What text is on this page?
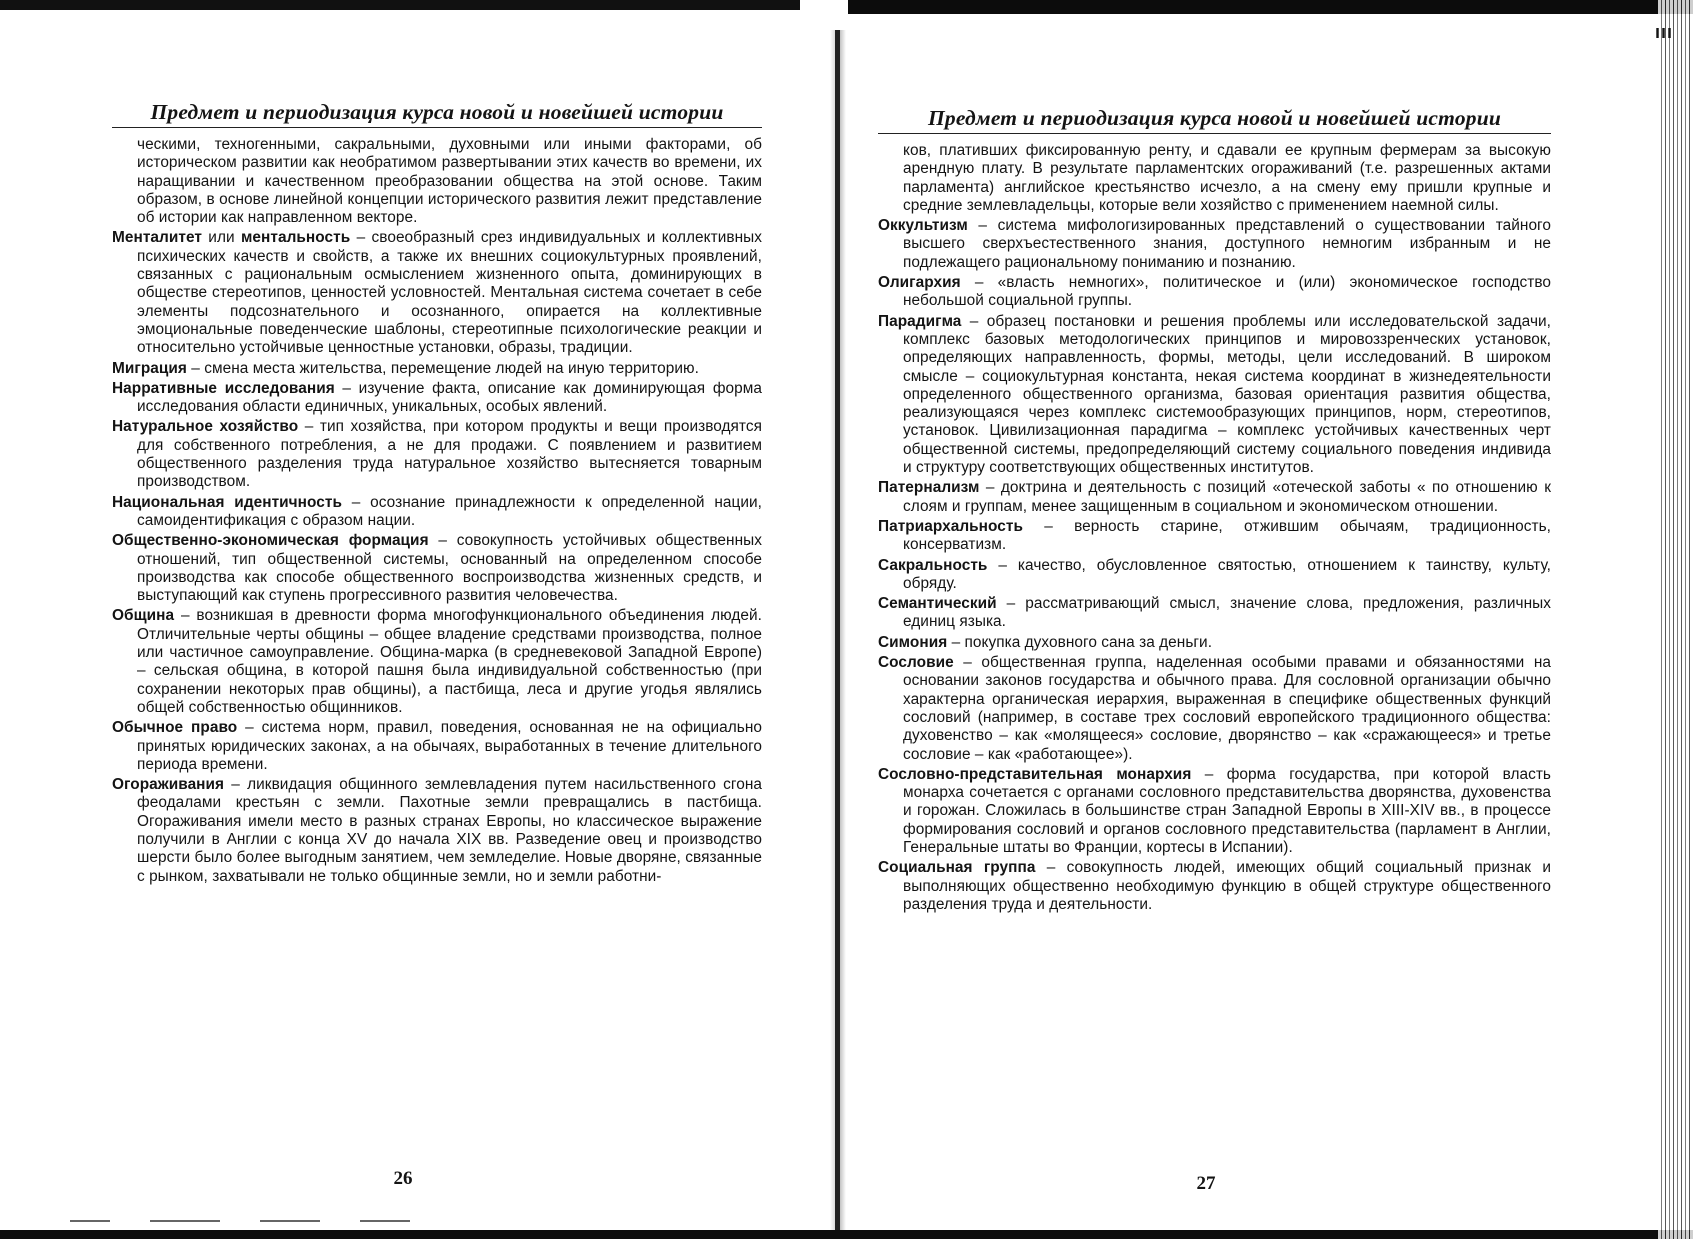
ııı
Предмет и периодизация курса новой и новейшей истории

ческими, техногенными, сакральными, духовными или иными факторами, об историческом развитии как необратимом развертывании этих качеств во времени, их наращивании и качественном преобразовании общества на этой основе. Таким образом, в основе линейной концепции исторического развития лежит представление об истории как направленном векторе.

Менталитет или ментальность – своеобразный срез индивидуальных и коллективных психических качеств и свойств, а также их внешних социокультурных проявлений, связанных с рациональным осмыслением жизненного опыта, доминирующих в обществе стереотипов, ценностей условностей. Ментальная система сочетает в себе элементы подсознательного и осознанного, опирается на коллективные эмоциональные поведенческие шаблоны, стереотипные психологические реакции и относительно устойчивые ценностные установки, образы, традиции.

Миграция – смена места жительства, перемещение людей на иную территорию.

Нарративные исследования – изучение факта, описание как доминирующая форма исследования области единичных, уникальных, особых явлений.

Натуральное хозяйство – тип хозяйства, при котором продукты и вещи производятся для собственного потребления, а не для продажи. С появлением и развитием общественного разделения труда натуральное хозяйство вытесняется товарным производством.

Национальная идентичность – осознание принадлежности к определенной нации, самоидентификация с образом нации.

Общественно-экономическая формация – совокупность устойчивых общественных отношений, тип общественной системы, основанный на определенном способе производства как способе общественного воспроизводства жизненных средств, и выступающий как ступень прогрессивного развития человечества.

Община – возникшая в древности форма многофункционального объединения людей. Отличительные черты общины – общее владение средствами производства, полное или частичное самоуправление. Община-марка (в средневековой Западной Европе) – сельская община, в которой пашня была индивидуальной собственностью (при сохранении некоторых прав общины), а пастбища, леса и другие угодья являлись общей собственностью общинников.

Обычное право – система норм, правил, поведения, основанная не на официально принятых юридических законах, а на обычаях, выработанных в течение длительного периода времени.

Огораживания – ликвидация общинного землевладения путем насильственного сгона феодалами крестьян с земли. Пахотные земли превращались в пастбища. Огораживания имели место в разных странах Европы, но классическое выражение получили в Англии с конца XV до начала XIX вв. Разведение овец и производство шерсти было более выгодным занятием, чем земледелие. Новые дворяне, связанные с рынком, захватывали не только общинные земли, но и земли работни-

26
Предмет и периодизация курса новой и новейшей истории

ков, плативших фиксированную ренту, и сдавали ее крупным фермерам за высокую арендную плату. В результате парламентских огораживаний (т.е. разрешенных актами парламента) английское крестьянство исчезло, а на смену ему пришли крупные и средние землевладельцы, которые вели хозяйство с применением наемной силы.

Оккультизм – система мифологизированных представлений о существовании тайного высшего сверхъестественного знания, доступного немногим избранным и не подлежащего рациональному пониманию и познанию.

Олигархия – «власть немногих», политическое и (или) экономическое господство небольшой социальной группы.

Парадигма – образец постановки и решения проблемы или исследовательской задачи, комплекс базовых методологических принципов и мировоззренческих установок, определяющих направленность, формы, методы, цели исследований. В широком смысле – социокультурная константа, некая система координат в жизнедеятельности определенного общественного организма, базовая ориентация развития общества, реализующаяся через комплекс системообразующих принципов, норм, стереотипов, установок. Цивилизационная парадигма – комплекс устойчивых качественных черт общественной системы, предопределяющий систему социального поведения индивида и структуру соответствующих общественных институтов.

Патернализм – доктрина и деятельность с позиций «отеческой заботы « по отношению к слоям и группам, менее защищенным в социальном и экономическом отношении.

Патриархальность – верность старине, отжившим обычаям, традиционность, консерватизм.

Сакральность – качество, обусловленное святостью, отношением к таинству, культу, обряду.

Семантический – рассматривающий смысл, значение слова, предложения, различных единиц языка.

Симония – покупка духовного сана за деньги.

Сословие – общественная группа, наделенная особыми правами и обязанностями на основании законов государства и обычного права. Для сословной организации обычно характерна органическая иерархия, выраженная в специфике общественных функций сословий (например, в составе трех сословий европейского традиционного общества: духовенство – как «молящееся» сословие, дворянство – как «сражающееся» и третье сословие – как «работающее»).

Сословно-представительная монархия – форма государства, при которой власть монарха сочетается с органами сословного представительства дворянства, духовенства и горожан. Сложилась в большинстве стран Западной Европы в XIII-XIV вв., в процессе формирования сословий и органов сословного представительства (парламент в Англии, Генеральные штаты во Франции, кортесы в Испании).

Социальная группа – совокупность людей, имеющих общий социальный признак и выполняющих общественно необходимую функцию в общей структуре общественного разделения труда и деятельности.

27
